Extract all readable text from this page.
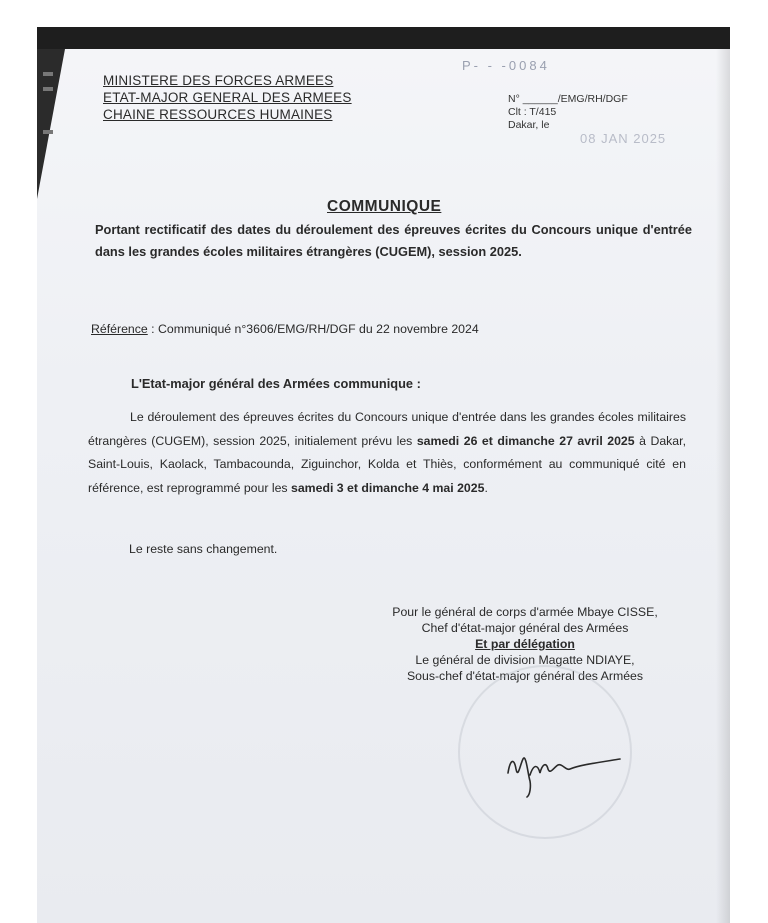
MINISTERE DES FORCES ARMEES
ETAT-MAJOR GENERAL DES ARMEES
CHAINE RESSOURCES HUMAINES
P- - -0084
N° ______/EMG/RH/DGF
Clt : T/415
Dakar, le
08 JAN 2025
COMMUNIQUE
Portant rectificatif des dates du déroulement des épreuves écrites du Concours unique d'entrée dans les grandes écoles militaires étrangères (CUGEM), session 2025.
Référence : Communiqué n°3606/EMG/RH/DGF du 22 novembre 2024
L'Etat-major général des Armées communique :
Le déroulement des épreuves écrites du Concours unique d'entrée dans les grandes écoles militaires étrangères (CUGEM), session 2025, initialement prévu les samedi 26 et dimanche 27 avril 2025 à Dakar, Saint-Louis, Kaolack, Tambacounda, Ziguinchor, Kolda et Thiès, conformément au communiqué cité en référence, est reprogrammé pour les samedi 3 et dimanche 4 mai 2025.
Le reste sans changement.
Pour le général de corps d'armée Mbaye CISSE,
Chef d'état-major général des Armées
Et par délégation
Le général de division Magatte NDIAYE,
Sous-chef d'état-major général des Armées
